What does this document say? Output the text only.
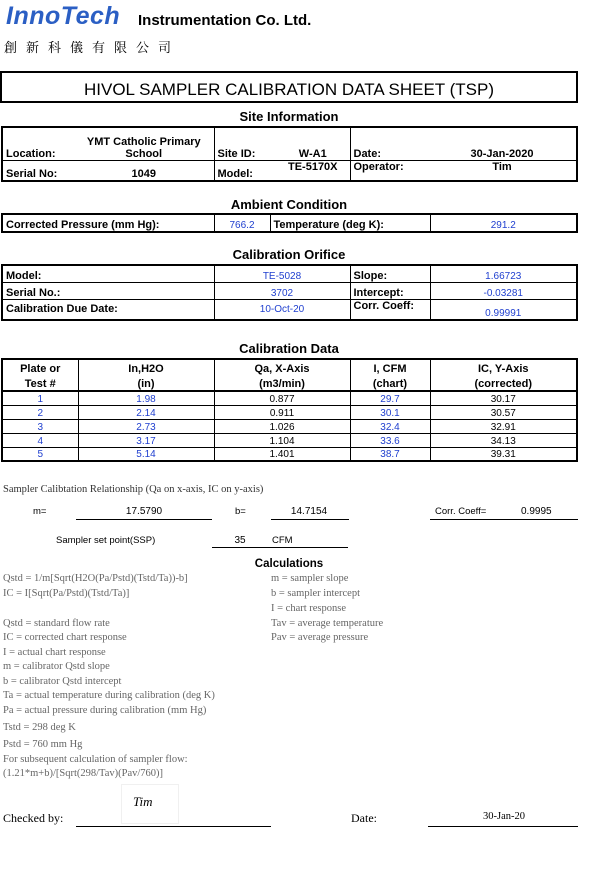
InnoTech Instrumentation Co. Ltd.
創新科儀有限公司
HIVOL SAMPLER CALIBRATION DATA SHEET (TSP)
Site Information
Location:	YMT Catholic Primary
School	Site ID:	W-A1	Date:	30-Jan-2020
Serial No:	1049	Model:	TE-5170X	Operator:	Tim
Ambient Condition
Corrected Pressure (mm Hg):	766.2	Temperature (deg K):	291.2
Calibration Orifice
Model:	TE-5028	Slope:	1.66723
Serial No.:	3702	Intercept:	-0.03281
Calibration Due Date:	10-Oct-20	Corr. Coeff:	0.99991
Calibration Data
Plate or	In,H2O	Qa, X-Axis	I, CFM	IC, Y-Axis
Test #	(in)	(m3/min)	(chart)	(corrected)
1	1.98	0.877	29.7	30.17
2	2.14	0.911	30.1	30.57
3	2.73	1.026	32.4	32.91
4	3.17	1.104	33.6	34.13
5	5.14	1.401	38.7	39.31
Sampler Calibtation Relationship (Qa on x-axis, IC on y-axis)
m=	17.5790	b=	14.7154	Corr. Coeff=	0.9995
Sampler set point(SSP)	35	CFM
Calculations
Qstd = 1/m[Sqrt(H2O(Pa/Pstd)(Tstd/Ta))-b]
IC = I[Sqrt(Pa/Pstd)(Tstd/Ta)]
Qstd = standard flow rate
IC = corrected chart response
I = actual chart response
m = calibrator Qstd slope
b = calibrator Qstd intercept
Ta = actual temperature during calibration (deg K)
Pa = actual pressure during calibration (mm Hg)
Tstd = 298 deg K
Pstd = 760 mm Hg
For subsequent calculation of sampler flow:
(1.21*m+b)/[Sqrt(298/Tav)(Pav/760)]
m = sampler slope
b = sampler intercept
I = chart response
Tav = average temperature
Pav = average pressure
Checked by:
Tim
Date:	30-Jan-20
